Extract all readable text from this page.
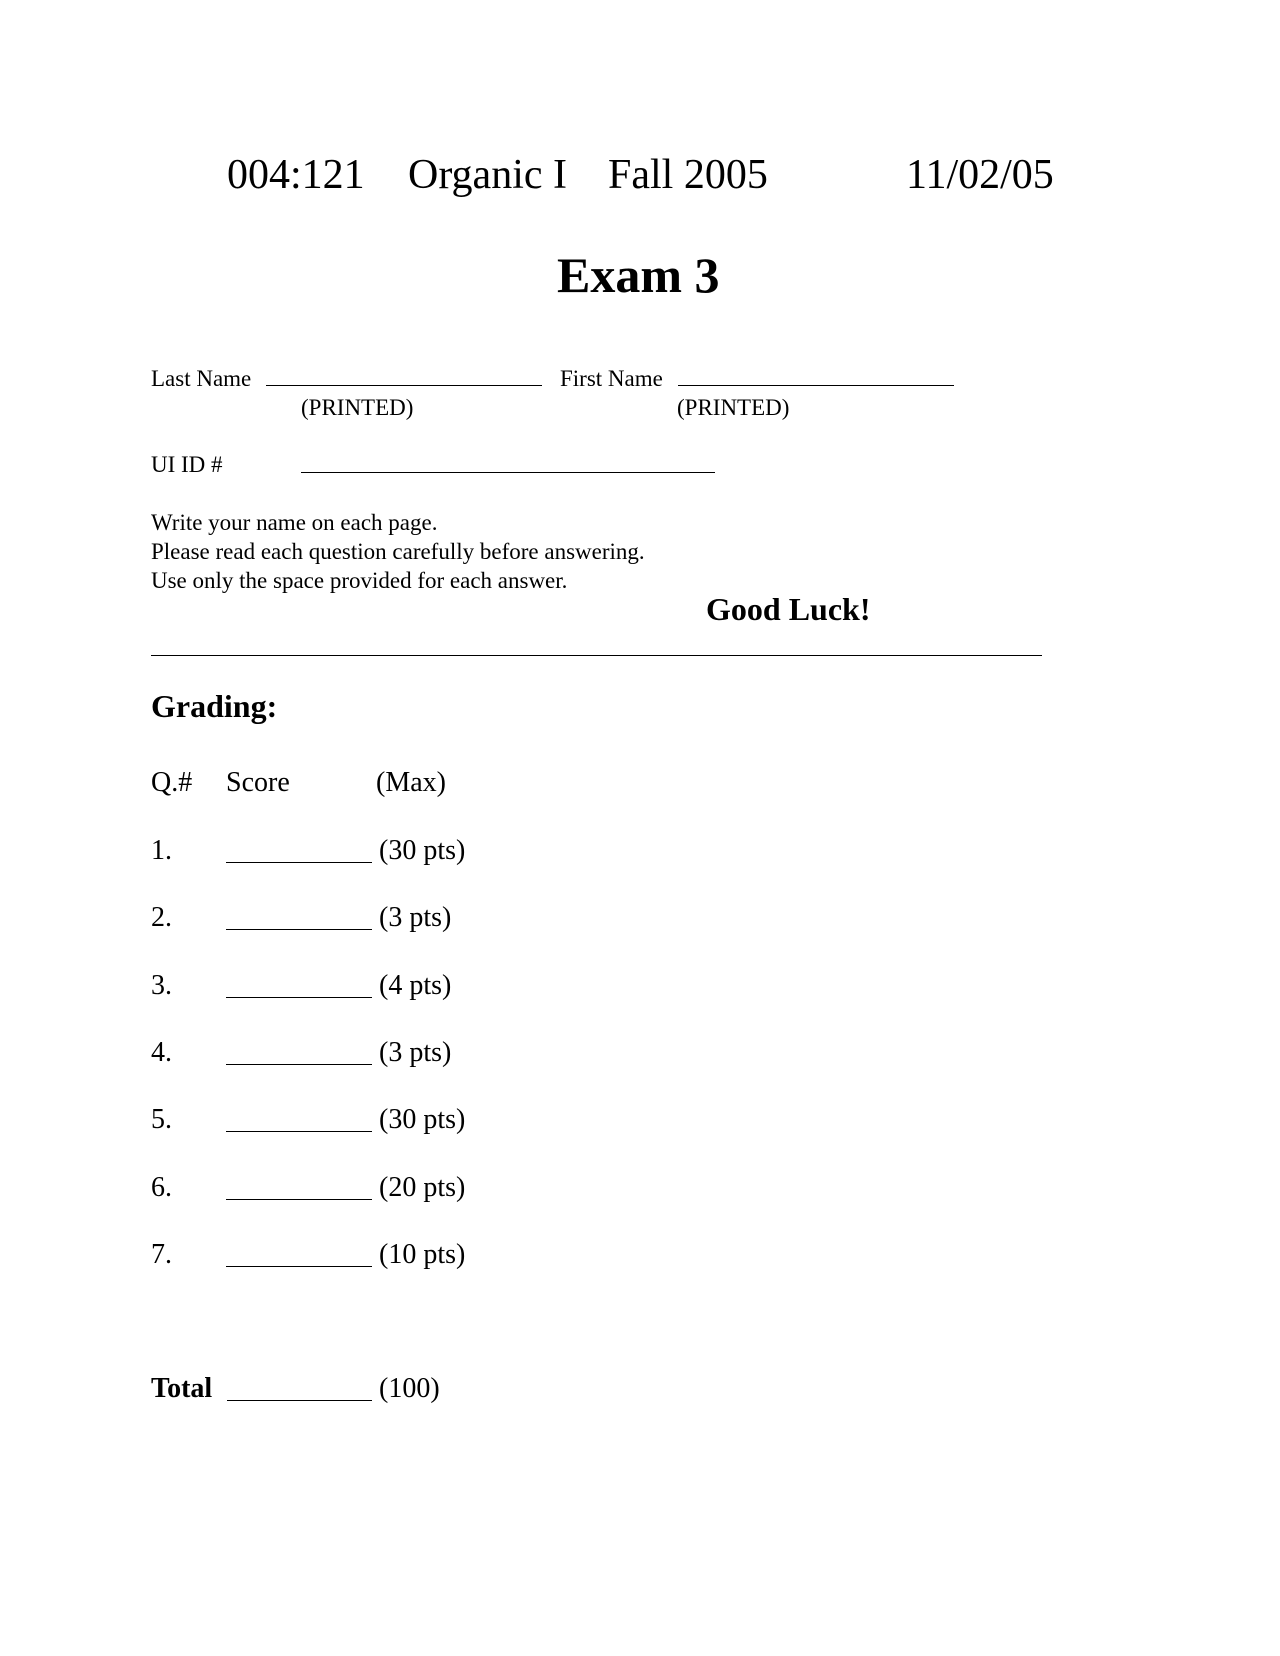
004:121 Organic I Fall 2005	11/02/05
Exam 3
Last Name	First Name
(PRINTED)	(PRINTED)
UI ID #
Write your name on each page.
Please read each question carefully before answering.
Use only the space provided for each answer.
Good Luck!
Grading:
Q.# Score	(Max)
1.	(30 pts)
2.	(3 pts)
3.	(4 pts)
4.	(3 pts)
5.	(30 pts)
6.	(20 pts)
7.	(10 pts)
Total	(100)
